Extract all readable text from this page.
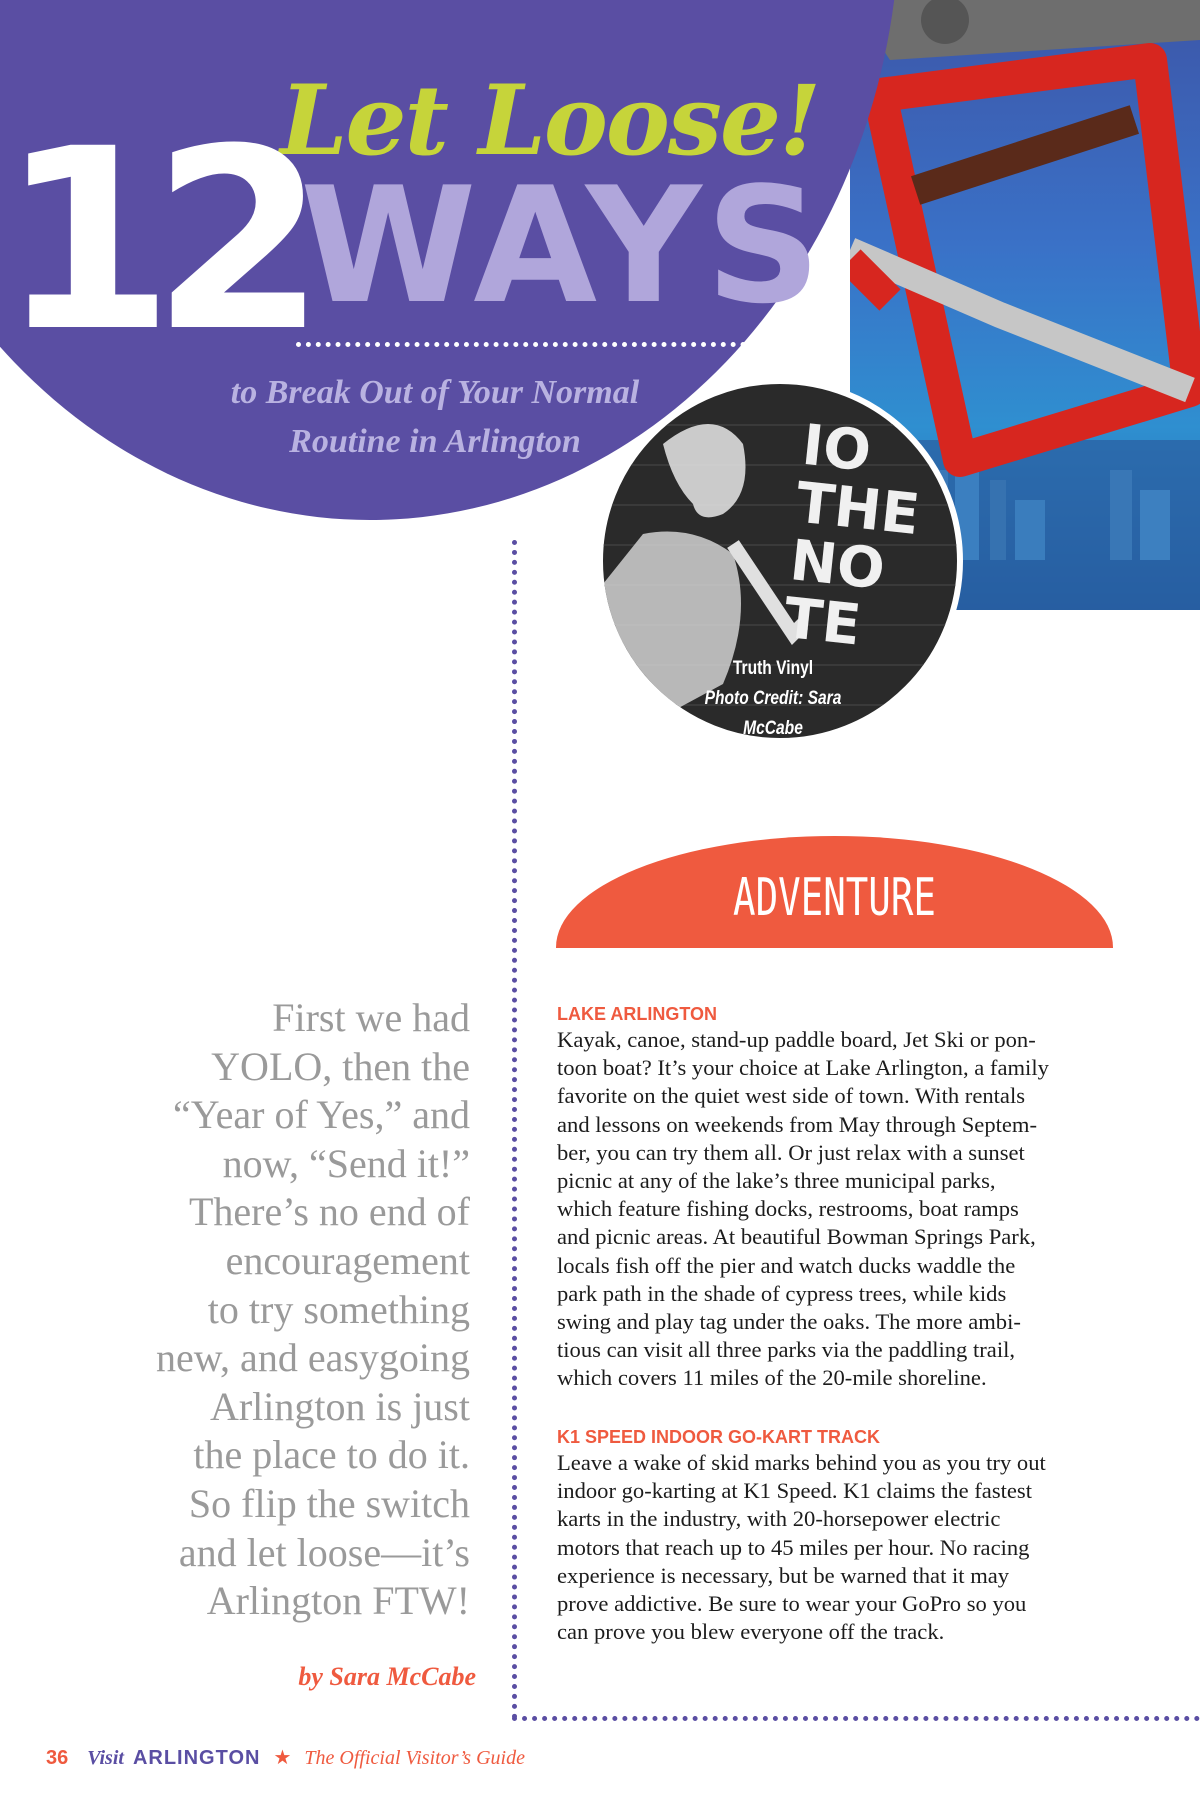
Let Loose!
12
WAYS
to Break Out of Your Normal
Routine in Arlington	IO
THE
NO
TE
Truth Vinyl
Photo Credit: Sara McCabe
ADVENTURE
First we had
YOLO, then the
“Year of Yes,” and
now, “Send it!”
There’s no end of
encouragement
to try something
new, and easygoing
Arlington is just
the place to do it.
So flip the switch
and let loose—it’s
Arlington FTW!
by Sara McCabe
LAKE ARLINGTON
Kayak, canoe, stand-up paddle board, Jet Ski or pon-
toon boat? It’s your choice at Lake Arlington, a family
favorite on the quiet west side of town. With rentals
and lessons on weekends from May through Septem-
ber, you can try them all. Or just relax with a sunset
picnic at any of the lake’s three municipal parks,
which feature fishing docks, restrooms, boat ramps
and picnic areas. At beautiful Bowman Springs Park,
locals fish off the pier and watch ducks waddle the
park path in the shade of cypress trees, while kids
swing and play tag under the oaks. The more ambi-
tious can visit all three parks via the paddling trail,
which covers 11 miles of the 20-mile shoreline.
K1 SPEED INDOOR GO-KART TRACK
Leave a wake of skid marks behind you as you try out
indoor go-karting at K1 Speed. K1 claims the fastest
karts in the industry, with 20-horsepower electric
motors that reach up to 45 miles per hour. No racing
experience is necessary, but be warned that it may
prove addictive. Be sure to wear your GoPro so you
can prove you blew everyone off the track.
36 Visit ARLINGTON ★ The Official Visitor’s Guide
